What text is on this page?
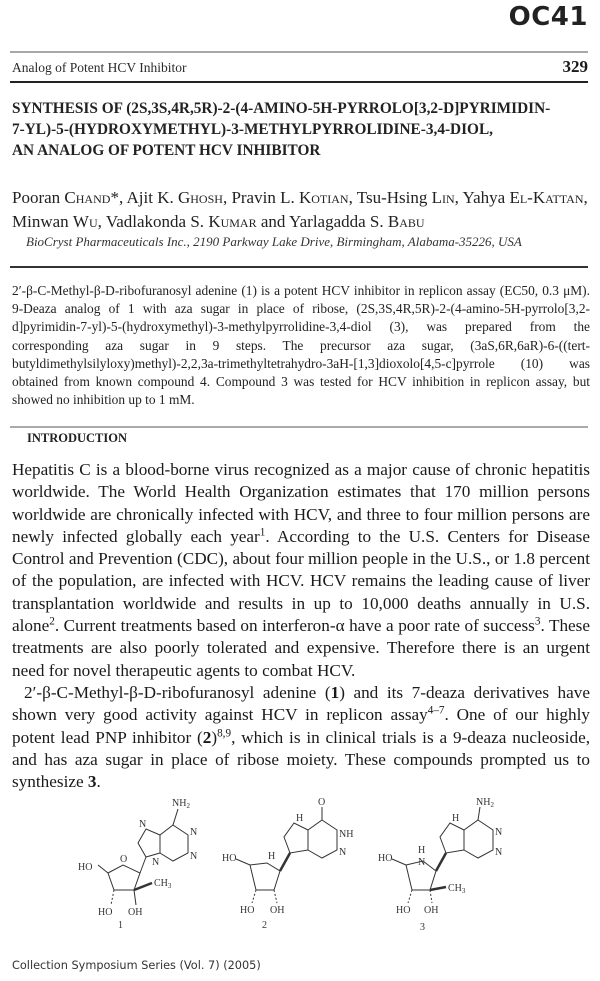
OC41
Analog of Potent HCV Inhibitor	329
SYNTHESIS OF (2S,3S,4R,5R)-2-(4-AMINO-5H-PYRROLO[3,2-D]PYRIMIDIN-
7-YL)-5-(HYDROXYMETHYL)-3-METHYLPYRROLIDINE-3,4-DIOL,
AN ANALOG OF POTENT HCV INHIBITOR
Pooran Chand*, Ajit K. Ghosh, Pravin L. Kotian, Tsu-Hsing Lin, Yahya El-Kattan, Minwan Wu, Vadlakonda S. Kumar and Yarlagadda S. Babu
BioCryst Pharmaceuticals Inc., 2190 Parkway Lake Drive, Birmingham, Alabama-35226, USA
2′-β-C-Methyl-β-D-ribofuranosyl adenine (1) is a potent HCV inhibitor in replicon assay (EC50, 0.3 μM). 9-Deaza analog of 1 with aza sugar in place of ribose, (2S,3S,4R,5R)-2-(4-amino-5H-pyrrolo[3,2-d]pyrimidin-7-yl)-5-(hydroxymethyl)-3-methylpyrrolidine-3,4-diol (3), was prepared from the corresponding aza sugar in 9 steps. The precursor aza sugar, (3aS,6R,6aR)-6-((tert-butyldimethylsilyloxy)methyl)-2,2,3a-trimethyltetrahydro-3aH-[1,3]dioxolo[4,5-c]pyrrole (10) was obtained from known compound 4. Compound 3 was tested for HCV inhibition in replicon assay, but showed no inhibition up to 1 mM.
INTRODUCTION

Hepatitis C is a blood-borne virus recognized as a major cause of chronic hepatitis worldwide. The World Health Organization estimates that 170 million persons worldwide are chronically infected with HCV, and three to four million persons are newly infected globally each year$^1$. According to the U.S. Centers for Disease Control and Prevention (CDC), about four million people in the U.S., or 1.8 percent of the population, are infected with HCV. HCV remains the leading cause of liver transplantation worldwide and results in up to 10,000 deaths annually in U.S. alone$^2$. Current treatments based on interferon-α have a poor rate of success$^3$. These treatments are also poorly tolerated and expensive. Therefore there is an urgent need for novel therapeutic agents to combat HCV.

2′-β-C-Methyl-β-D-ribofuranosyl adenine (1) and its 7-deaza derivatives have shown very good activity against HCV in replicon assay$^{4-7}$. One of our highly potent lead PNP inhibitor $(2)^{8,9}$, which is in clinical trials is a 9-deaza nucleoside, and has aza sugar in place of ribose moiety. These compounds prompted us to synthesize 3.

$NH_2$
N
N
N
N
HO
O
$CH_3$
HO OH
1
O
H
NH
N
HO	H
HO OH
2
$NH_2$
H
N
N
HO
H
N
$CH_3$
HO OH
3
Collection Symposium Series (Vol. 7) (2005)
